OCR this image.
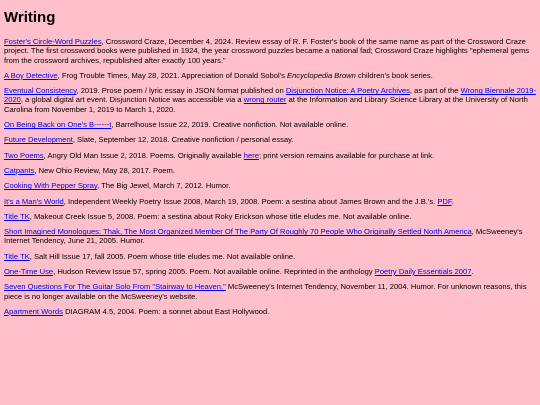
Writing

Foster's Circle-Word Puzzles, Crossword Craze, December 4, 2024. Review essay of R. F. Foster's book of the same name as part of the Crossword Craze project. The first crossword books were published in 1924, the year crossword puzzles became a national fad; Crossword Craze highlights "ephemeral gems from the crossword archives, republished after exactly 100 years."

A Boy Detective, Frog Trouble Times, May 28, 2021. Appreciation of Donald Sobol's Encyclopedia Brown children's book series.

Eventual Consistency, 2019. Prose poem / lyric essay in JSON format published on Disjunction Notice: A Poetry Archives, as part of the Wrong Biennale 2019-2020, a global digital art event. Disjunction Notice was accessible via a wrong router at the Information and Library Science Library at the University of North Carolina from November 1, 2019 to March 1, 2020.

On Being Back on One's B------t, Barrelhouse Issue 22, 2019. Creative nonfiction. Not available online.

Future Development, Slate, September 12, 2018. Creative nonfiction / personal essay.

Two Poems, Angry Old Man Issue 2, 2018. Poems. Originally available here; print version remains available for purchase at link.

Catpants, New Ohio Review, May 28, 2017. Poem.

Cooking With Pepper Spray, The Big Jewel, March 7, 2012. Humor.

It's a Man's World, Independent Weekly Poetry Issue 2008, March 19, 2008. Poem: a sestina about James Brown and the J.B.'s. PDF.

Title TK, Makeout Creek Issue 5, 2008. Poem: a sestina about Roky Erickson whose title eludes me. Not available online.

Short Imagined Monologues: Thak, The Most Organized Member Of The Party Of Roughly 70 People Who Originally Settled North America, McSweeney's Internet Tendency, June 21, 2005. Humor.

Title TK, Salt Hill Issue 17, fall 2005. Poem whose title eludes me. Not available online.

One-Time Use, Hudson Review Issue 57, spring 2005. Poem. Not available online. Reprinted in the anthology Poetry Daily Essentials 2007.

Seven Questions For The Guitar Solo From "Stairway to Heaven." McSweeney's Internet Tendency, November 11, 2004. Humor. For unknown reasons, this piece is no longer available on the McSweeney's website.

Apartment Words DIAGRAM 4.5, 2004. Poem: a sonnet about East Hollywood.
